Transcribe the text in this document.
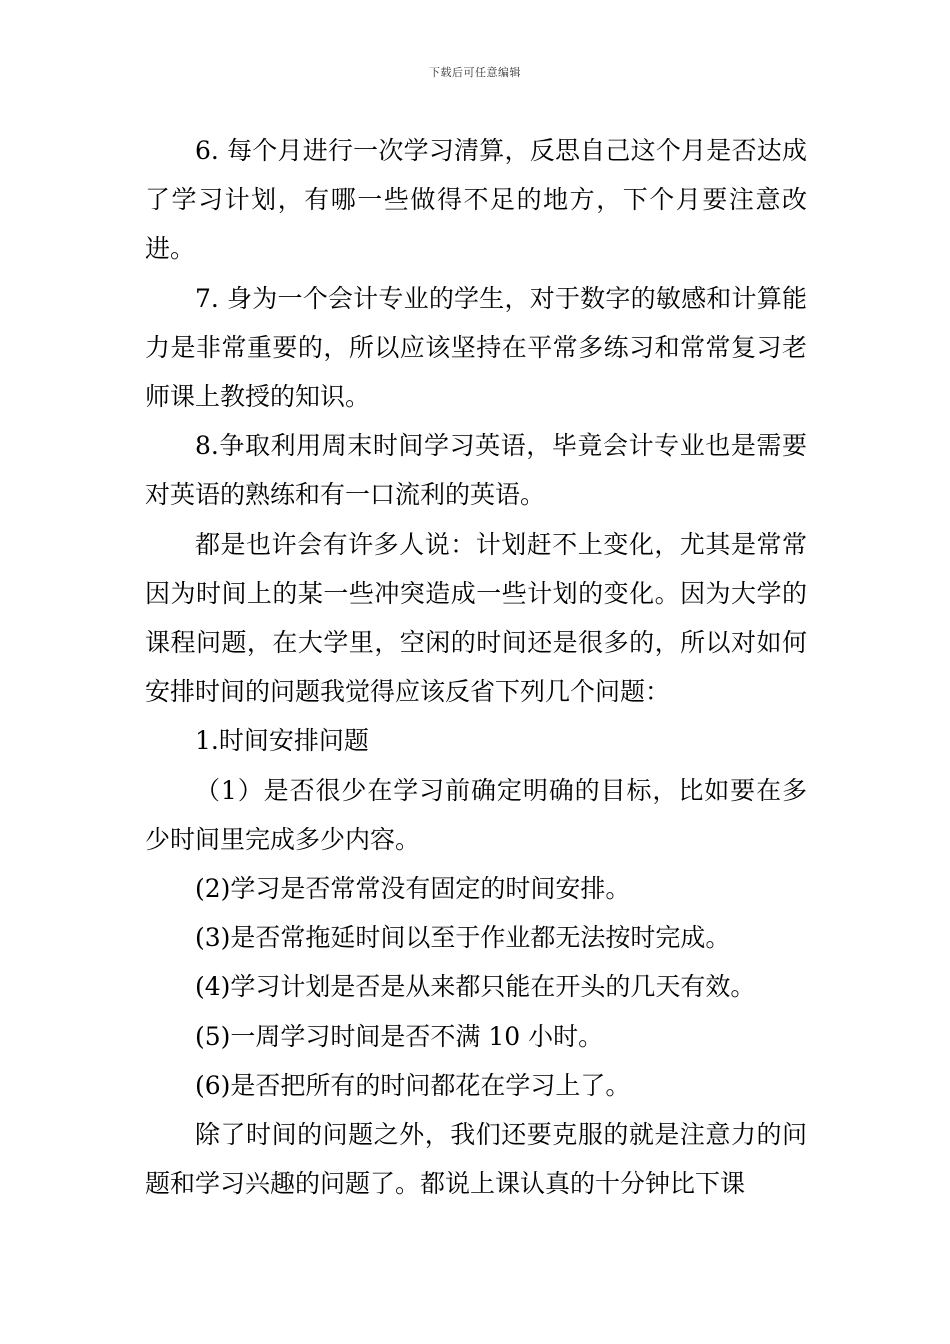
下载后可任意编辑

6. 每个月进行一次学习清算，反思自己这个月是否达成了学习计划，有哪一些做得不足的地方，下个月要注意改进。

7. 身为一个会计专业的学生，对于数字的敏感和计算能力是非常重要的，所以应该坚持在平常多练习和常常复习老师课上教授的知识。

8.争取利用周末时间学习英语，毕竟会计专业也是需要对英语的熟练和有一口流利的英语。

都是也许会有许多人说：计划赶不上变化，尤其是常常因为时间上的某一些冲突造成一些计划的变化。因为大学的课程问题，在大学里，空闲的时间还是很多的，所以对如何安排时间的问题我觉得应该反省下列几个问题：

1.时间安排问题

（1）是否很少在学习前确定明确的目标，比如要在多少时间里完成多少内容。

(2)学习是否常常没有固定的时间安排。

(3)是否常拖延时间以至于作业都无法按时完成。

(4)学习计划是否是从来都只能在开头的几天有效。

(5)一周学习时间是否不满 10 小时。

(6)是否把所有的时问都花在学习上了。

除了时间的问题之外，我们还要克服的就是注意力的问题和学习兴趣的问题了。都说上课认真的十分钟比下课
